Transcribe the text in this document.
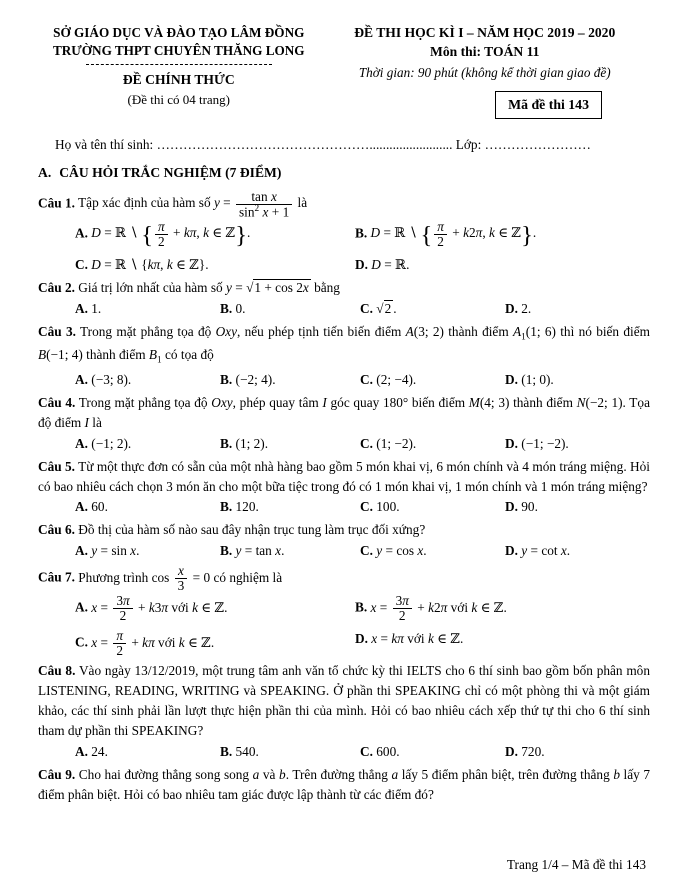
SỞ GIÁO DỤC VÀ ĐÀO TẠO LÂM ĐỒNG
TRƯỜNG THPT CHUYÊN THĂNG LONG
ĐỀ CHÍNH THỨC
(Đề thi có 04 trang)
ĐỀ THI HỌC KÌ I – NĂM HỌC 2019 – 2020
Môn thi: TOÁN 11
Thời gian: 90 phút (không kể thời gian giao đề)
Mã đề thi 143
Họ và tên thí sinh: …………………………………………......................... Lớp: ……………………
A. CÂU HỎI TRẮC NGHIỆM (7 ĐIỂM)
Câu 1. Tập xác định của hàm số $y = \frac{\text{tan x}}{\sin^2 x + 1}$ là
A. D = ℝ ∖ { $\frac{\pi}{2} + k\pi$, k ∈ ℤ}.	B. D = ℝ ∖ { $\frac{\pi}{2} + k2\pi$, k ∈ ℤ}.
C. D = ℝ ∖ {kπ, k ∈ ℤ}.	D. D = ℝ.
Câu 2. Giá trị lớn nhất của hàm số y = √1 + cos 2x bằng
A. 1.	B. 0.	C. √2 .	D. 2.
Câu 3. Trong mặt phẳng tọa độ Oxy, nếu phép tịnh tiến biến điểm A(3; 2) thành điểm $A_1(1$; 6) thì nó biến điểm B(−1; 4) thành điểm $B_1$ có tọa độ
A. (−3; 8).	B. (−2; 4).	C. (2; −4).	D. (1; 0).
Câu 4. Trong mặt phẳng tọa độ Oxy, phép quay tâm I góc quay 180° biến điểm M(4; 3) thành điểm N(−2; 1). Tọa độ điểm I là
A. (−1; 2).	B. (1; 2).	C. (1; −2).	D. (−1; −2).
Câu 5. Từ một thực đơn có sẵn của một nhà hàng bao gồm 5 món khai vị, 6 món chính và 4 món tráng miệng. Hỏi có bao nhiêu cách chọn 3 món ăn cho một bữa tiệc trong đó có 1 món khai vị, 1 món chính và 1 món tráng miệng?
A. 60.	B. 120.	C. 100.	D. 90.
Câu 6. Đồ thị của hàm số nào sau đây nhận trục tung làm trục đối xứng?
A. y = sin x.	B. y = tan x.	C. y = cos x.	D. y = cot x.
Câu 7. Phương trình $\cos \frac{x}{3} = 0$ có nghiệm là
A. $x = \frac{3\pi}{2} + k3\pi$ với k ∈ ℤ.	B. $x = \frac{3\pi}{2} + k2\pi$ với k ∈ ℤ.
C. $x = \frac{\pi}{2} + k\pi$ với k ∈ ℤ.	D. x = kπ với k ∈ ℤ.
Câu 8. Vào ngày 13/12/2019, một trung tâm anh văn tổ chức kỳ thi IELTS cho 6 thí sinh bao gồm bốn phân môn LISTENING, READING, WRITING và SPEAKING. Ở phần thi SPEAKING chỉ có một phòng thi và một giám khảo, các thí sinh phải lần lượt thực hiện phần thi của mình. Hỏi có bao nhiêu cách xếp thứ tự thi cho 6 thí sinh tham dự phần thi SPEAKING?
A. 24.	B. 540.	C. 600.	D. 720.
Câu 9. Cho hai đường thẳng song song a và b. Trên đường thẳng a lấy 5 điểm phân biệt, trên đường thẳng b lấy 7 điểm phân biệt. Hỏi có bao nhiêu tam giác được lập thành từ các điểm đó?
Trang 1/4 – Mã đề thi 143
